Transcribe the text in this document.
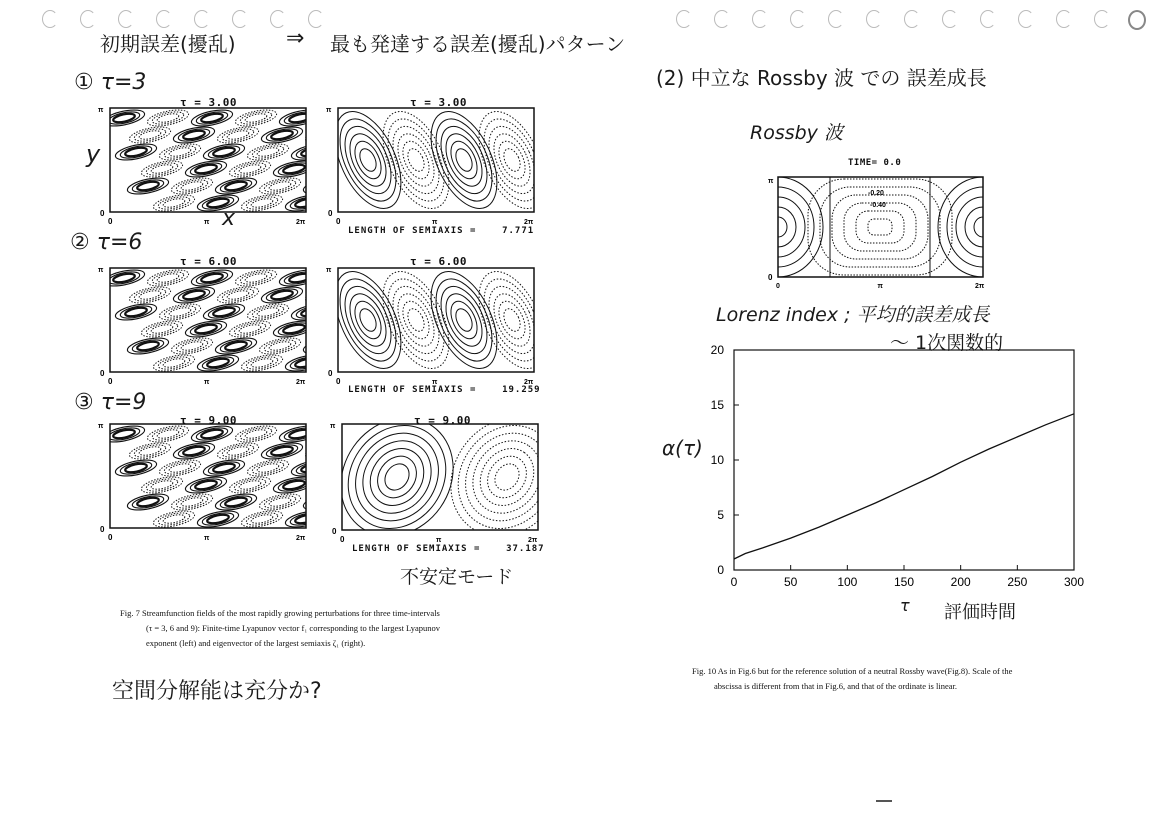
初期誤差(擾乱) ⇒ 最も発達する誤差(擾乱)パターン
① τ=3
② τ=6
③ τ=9
y
x
τ = 3.00	τ = 3.00
τ = 6.00	τ = 6.00
τ = 9.00	τ = 9.00
π
0
0	π	2π
π
0
0	π	2π
π
0
0	π	2π
π
0
0	π	2π
π
0
0	π	2π
π
0
0	π	2π
LENGTH OF SEMIAXIS =	7.771
LENGTH OF SEMIAXIS =	19.259
LENGTH OF SEMIAXIS =	37.187
不安定モード
Fig. 7 Streamfunction fields of the most rapidly growing perturbations for three time-intervals
(τ = 3, 6 and 9): Finite-time Lyapunov vector f₁ corresponding to the largest Lyapunov
exponent (left) and eigenvector of the largest semiaxis ζ₁ (right).
空間分解能は充分か?
(2) 中立な Rossby 波 での 誤差成長
Rossby 波
TIME= 0.0
-0.20
-0.40
π
0
0	π	2π
Lorenz index ; 平均的誤差成長
〜 1次関数的
α(τ)
0	50	100	150	200	250	300
0
5
10
15
20
τ 評価時間
Fig. 10 As in Fig.6 but for the reference solution of a neutral Rossby wave(Fig.8). Scale of the
abscissa is different from that in Fig.6, and that of the ordinate is linear.
